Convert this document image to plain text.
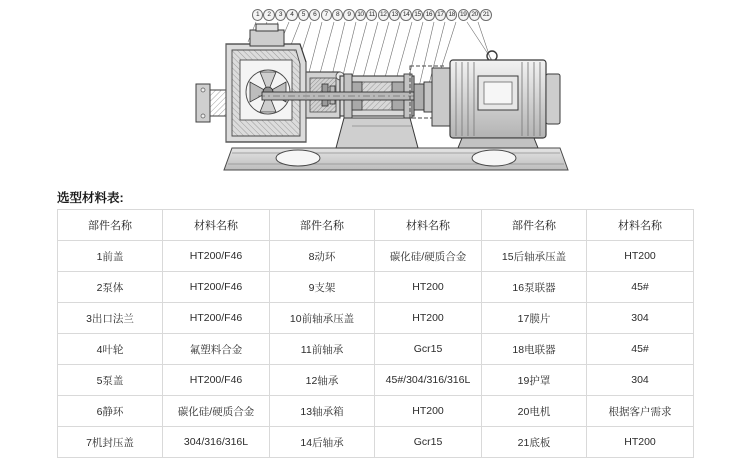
1	2	3	4	5	6	7	8	9	10 11 12 13 14 15 16 17 18 19 20 21
选型材料表:
部件名称	材料名称	部件名称	材料名称	部件名称	材料名称
1前盖	HT200/F46	8动环	碳化硅/硬质合金	15后轴承压盖	HT200
2泵体	HT200/F46	9支架	HT200	16泵联器	45#
3出口法兰	HT200/F46	10前轴承压盖	HT200	17膜片	304
4叶轮	氟塑料合金	11前轴承	Gcr15	18电联器	45#
5泵盖	HT200/F46	12轴承	45#/304/316/316L	19护罩	304
6静环	碳化硅/硬质合金	13轴承箱	HT200	20电机	根据客户需求
7机封压盖	304/316/316L	14后轴承	Gcr15	21底板	HT200
